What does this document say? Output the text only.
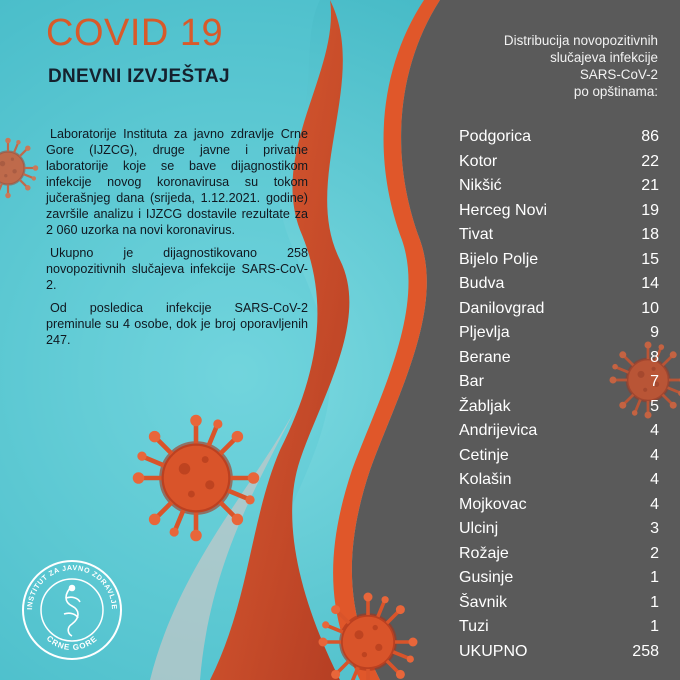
COVID 19
DNEVNI IZVJEŠTAJ

Laboratorije Instituta za javno zdravlje Crne Gore (IJZCG), druge javne i privatne laboratorije koje se bave dijagnostikom infekcije novog koronavirusa su tokom jučerašnjeg dana (srijeda, 1.12.2021. godine) završile analizu i IJZCG dostavile rezultate za 2 060 uzorka na novi koronavirus.

Ukupno je dijagnostikovano 258 novopozitivnih slučajeva infekcije SARS-CoV-2.

Od posledica infekcije SARS-CoV-2 preminule su 4 osobe, dok je broj oporavljenih 247.

Distribucija novopozitivnih
slučajeva infekcije
SARS-CoV-2
po opštinama:
Podgorica	86
Kotor	22
Nikšić	21
Herceg Novi	19
Tivat	18
Bijelo Polje	15
Budva	14
Danilovgrad	10
Pljevlja	9
Berane	8
Bar	7
Žabljak	5
Andrijevica	4
Cetinje	4
Kolašin	4
Mojkovac	4
Ulcinj	3
Rožaje	2
Gusinje	1
Šavnik	1
Tuzi	1
UKUPNO	258
INSTITUT ZA JAVNO ZDRAVLJE
CRNE GORE
